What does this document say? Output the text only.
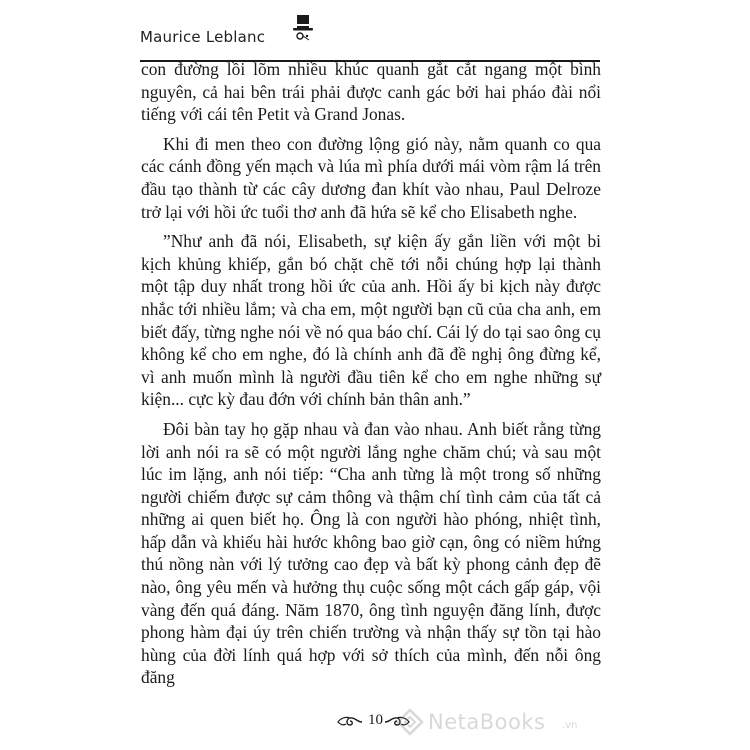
Maurice Leblanc

con đường lồi lõm nhiều khúc quanh gắt cắt ngang một bình nguyên, cả hai bên trái phải được canh gác bởi hai pháo đài nổi tiếng với cái tên Petit và Grand Jonas.

Khi đi men theo con đường lộng gió này, nằm quanh co qua các cánh đồng yến mạch và lúa mì phía dưới mái vòm rậm lá trên đầu tạo thành từ các cây dương đan khít vào nhau, Paul Delroze trở lại với hồi ức tuổi thơ anh đã hứa sẽ kể cho Elisabeth nghe.

”Như anh đã nói, Elisabeth, sự kiện ấy gắn liền với một bi kịch khủng khiếp, gắn bó chặt chẽ tới nỗi chúng hợp lại thành một tập duy nhất trong hồi ức của anh. Hồi ấy bi kịch này được nhắc tới nhiều lắm; và cha em, một người bạn cũ của cha anh, em biết đấy, từng nghe nói về nó qua báo chí. Cái lý do tại sao ông cụ không kể cho em nghe, đó là chính anh đã đề nghị ông đừng kể, vì anh muốn mình là người đầu tiên kể cho em nghe những sự kiện... cực kỳ đau đớn với chính bản thân anh.”

Đôi bàn tay họ gặp nhau và đan vào nhau. Anh biết rằng từng lời anh nói ra sẽ có một người lắng nghe chăm chú; và sau một lúc im lặng, anh nói tiếp: “Cha anh từng là một trong số những người chiếm được sự cảm thông và thậm chí tình cảm của tất cả những ai quen biết họ. Ông là con người hào phóng, nhiệt tình, hấp dẫn và khiếu hài hước không bao giờ cạn, ông có niềm hứng thú nồng nàn với lý tưởng cao đẹp và bất kỳ phong cảnh đẹp đẽ nào, ông yêu mến và hưởng thụ cuộc sống một cách gấp gáp, vội vàng đến quá đáng. Năm 1870, ông tình nguyện đăng lính, được phong hàm đại úy trên chiến trường và nhận thấy sự tồn tại hào hùng của đời lính quá hợp với sở thích của mình, đến nỗi ông đăng

10 NetaBooks .vn
